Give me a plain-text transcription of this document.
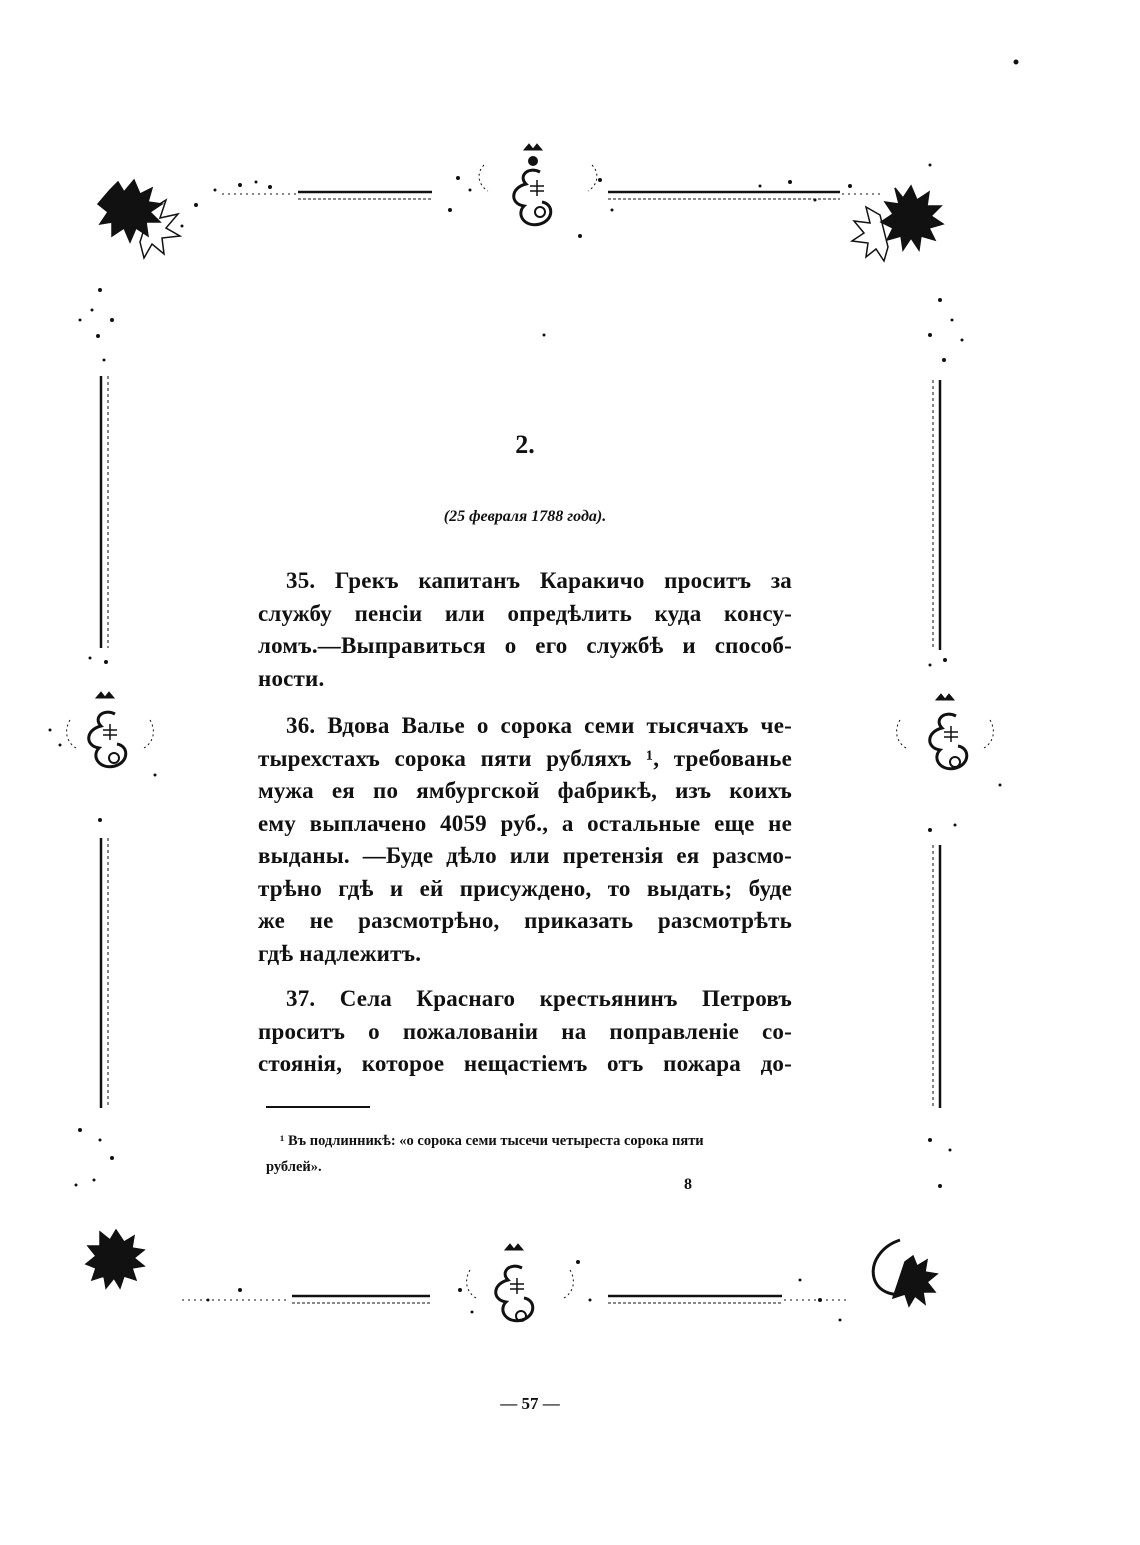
2.
(25 февраля 1788 года).
35. Грекъ капитанъ Каракичо проситъ за
службу пенсіи или опредѣлить куда консу-
ломъ.—Выправиться о его службѣ и способ-
ности.
36. Вдова Валье о сорока семи тысячахъ че-
тырехстахъ сорока пяти рубляхъ ¹, требованье
мужа ея по ямбургской фабрикѣ, изъ коихъ
ему выплачено 4059 руб., а остальные еще не
выданы. —Буде дѣло или претензія ея разсмо-
трѣно гдѣ и ей присуждено, то выдать; буде
же не разсмотрѣно, приказать разсмотрѣть
гдѣ надлежитъ.
37. Села Краснаго крестьянинъ Петровъ
проситъ о пожалованіи на поправленіе со-
стоянія, которое нещастіемъ отъ пожара до-
¹ Въ подлинникѣ: «о сорока семи тысечи четыреста сорока пяти
рублей».
8
— 57 —
